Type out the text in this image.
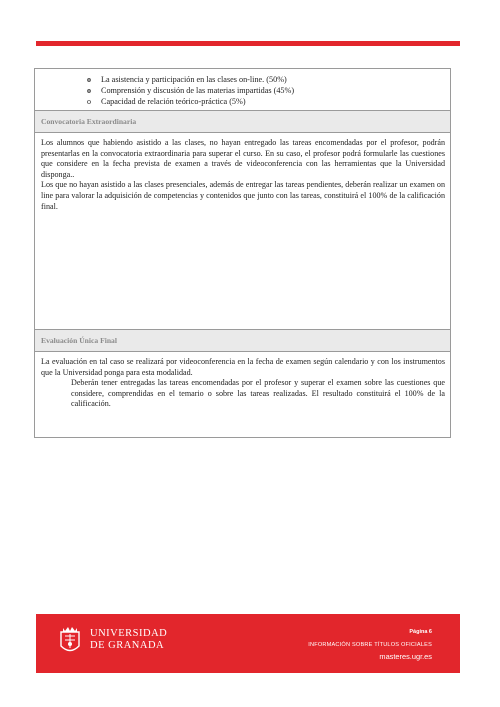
o La asistencia y participación en las clases on-line. (50%)
o Comprensión y discusión de las materias impartidas (45%)
o Capacidad de relación teórico-práctica (5%)
Convocatoria Extraordinaria

Los alumnos que habiendo asistido a las clases, no hayan entregado las tareas encomendadas por el profesor, podrán presentarlas en la convocatoria extraordinaria para superar el curso. En su caso, el profesor podrá formularle las cuestiones que considere en la fecha prevista de examen a través de videoconferencia con las herramientas que la Universidad disponga..

Los que no hayan asistido a las clases presenciales, además de entregar las tareas pendientes, deberán realizar un examen on line para valorar la adquisición de competencias y contenidos que junto con las tareas, constituirá el 100% de la calificación final.

Evaluación Única Final

La evaluación en tal caso se realizará por videoconferencia en la fecha de examen según calendario y con los instrumentos que la Universidad ponga para esta modalidad.

Deberán tener entregadas las tareas encomendadas por el profesor y superar el examen sobre las cuestiones que considere, comprendidas en el temario o sobre las tareas realizadas. El resultado constituirá el 100% de la calificación.

UNIVERSIDAD
DE GRANADA
Página 6
INFORMACIÓN SOBRE TÍTULOS OFICIALES
masteres.ugr.es
